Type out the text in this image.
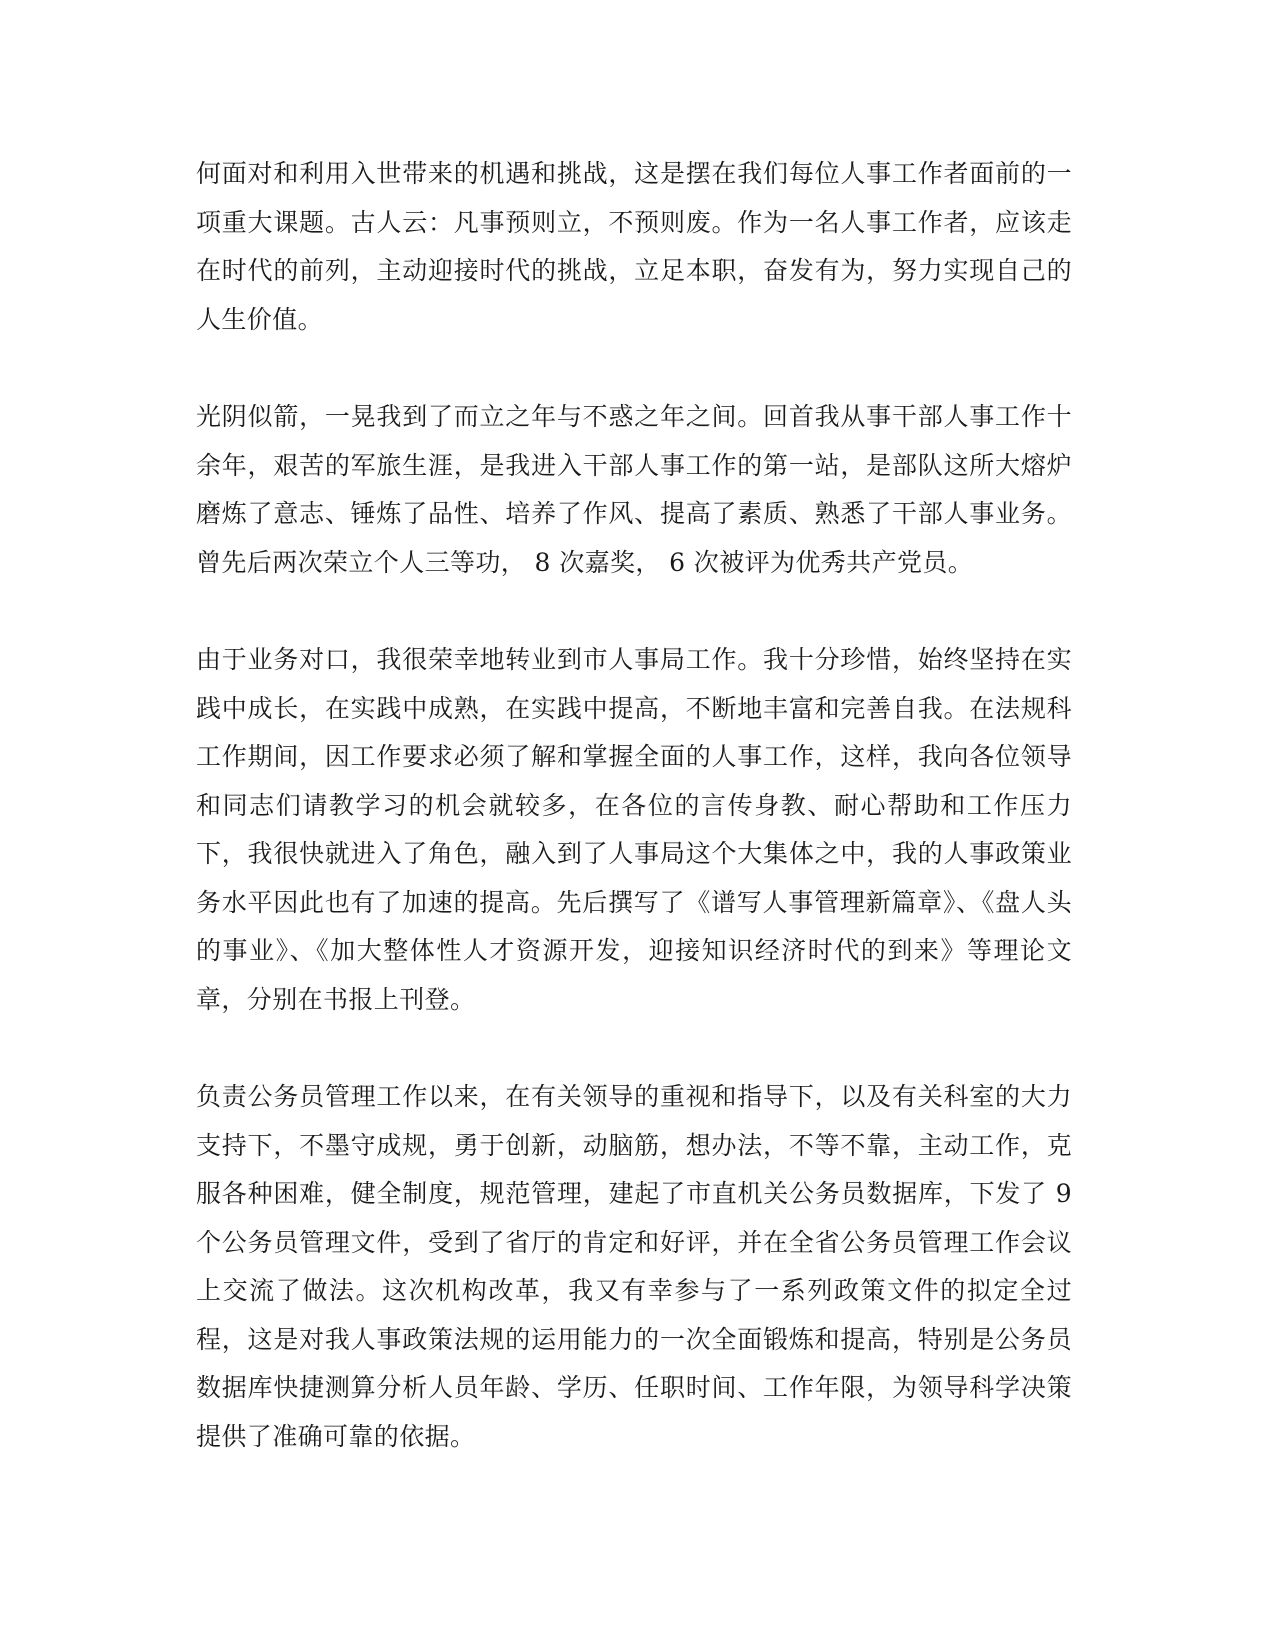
何面对和利用入世带来的机遇和挑战，这是摆在我们每位人事工作者面前的一项重大课题。古人云：凡事预则立，不预则废。作为一名人事工作者，应该走在时代的前列，主动迎接时代的挑战，立足本职，奋发有为，努力实现自己的人生价值。

光阴似箭，一晃我到了而立之年与不惑之年之间。回首我从事干部人事工作十余年，艰苦的军旅生涯，是我进入干部人事工作的第一站，是部队这所大熔炉磨炼了意志、锤炼了品性、培养了作风、提高了素质、熟悉了干部人事业务。曾先后两次荣立个人三等功， 8 次嘉奖， 6 次被评为优秀共产党员。

由于业务对口，我很荣幸地转业到市人事局工作。我十分珍惜，始终坚持在实践中成长，在实践中成熟，在实践中提高，不断地丰富和完善自我。在法规科工作期间，因工作要求必须了解和掌握全面的人事工作，这样，我向各位领导和同志们请教学习的机会就较多，在各位的言传身教、耐心帮助和工作压力下，我很快就进入了角色，融入到了人事局这个大集体之中，我的人事政策业务水平因此也有了加速的提高。先后撰写了《谱写人事管理新篇章》、《盘人头的事业》、《加大整体性人才资源开发，迎接知识经济时代的到来》等理论文章，分别在书报上刊登。

负责公务员管理工作以来，在有关领导的重视和指导下，以及有关科室的大力支持下，不墨守成规，勇于创新，动脑筋，想办法，不等不靠，主动工作，克服各种困难，健全制度，规范管理，建起了市直机关公务员数据库，下发了 9 个公务员管理文件，受到了省厅的肯定和好评，并在全省公务员管理工作会议上交流了做法。这次机构改革，我又有幸参与了一系列政策文件的拟定全过程，这是对我人事政策法规的运用能力的一次全面锻炼和提高，特别是公务员数据库快捷测算分析人员年龄、学历、任职时间、工作年限，为领导科学决策提供了准确可靠的依据。
